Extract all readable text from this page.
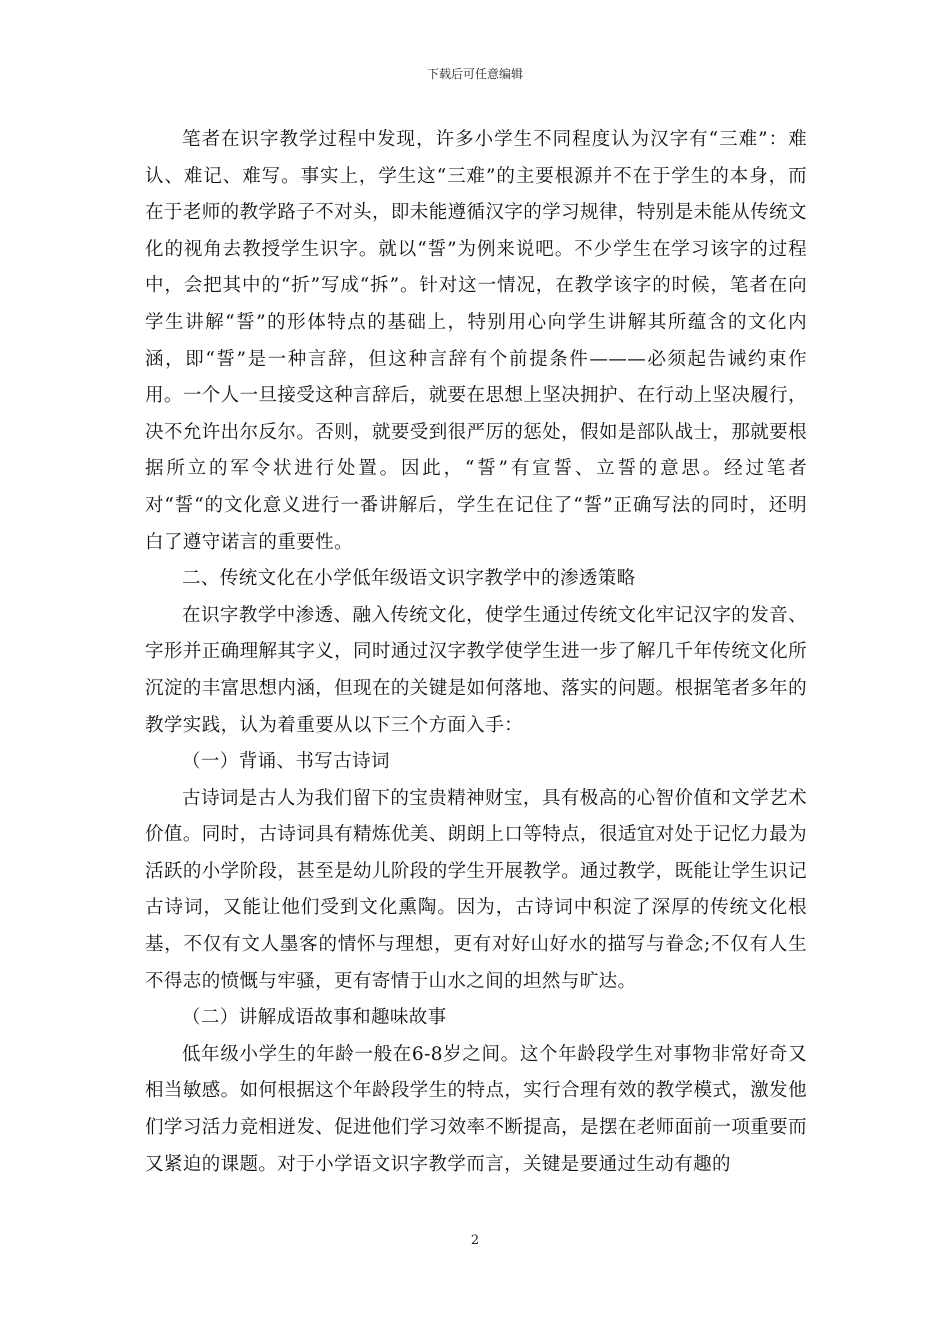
下载后可任意编辑

笔者在识字教学过程中发现，许多小学生不同程度认为汉字有“三难”：难认、难记、难写。事实上，学生这“三难”的主要根源并不在于学生的本身，而在于老师的教学路子不对头，即未能遵循汉字的学习规律，特别是未能从传统文化的视角去教授学生识字。就以“誓”为例来说吧。不少学生在学习该字的过程中，会把其中的“折”写成“拆”。针对这一情况，在教学该字的时候，笔者在向学生讲解“誓”的形体特点的基础上，特别用心向学生讲解其所蕴含的文化内涵，即“誓”是一种言辞，但这种言辞有个前提条件———必须起告诫约束作用。一个人一旦接受这种言辞后，就要在思想上坚决拥护、在行动上坚决履行，决不允许出尔反尔。否则，就要受到很严厉的惩处，假如是部队战士，那就要根据所立的军令状进行处置。因此，“誓”有宣誓、立誓的意思。经过笔者对“誓“的文化意义进行一番讲解后，学生在记住了“誓”正确写法的同时，还明白了遵守诺言的重要性。

二、传统文化在小学低年级语文识字教学中的渗透策略

在识字教学中渗透、融入传统文化，使学生通过传统文化牢记汉字的发音、字形并正确理解其字义，同时通过汉字教学使学生进一步了解几千年传统文化所沉淀的丰富思想内涵，但现在的关键是如何落地、落实的问题。根据笔者多年的教学实践，认为着重要从以下三个方面入手：

（一）背诵、书写古诗词

古诗词是古人为我们留下的宝贵精神财宝，具有极高的心智价值和文学艺术价值。同时，古诗词具有精炼优美、朗朗上口等特点，很适宜对处于记忆力最为活跃的小学阶段，甚至是幼儿阶段的学生开展教学。通过教学，既能让学生识记古诗词，又能让他们受到文化熏陶。因为，古诗词中积淀了深厚的传统文化根基，不仅有文人墨客的情怀与理想，更有对好山好水的描写与眷念;不仅有人生不得志的愤慨与牢骚，更有寄情于山水之间的坦然与旷达。

（二）讲解成语故事和趣味故事

低年级小学生的年龄一般在6-8岁之间。这个年龄段学生对事物非常好奇又相当敏感。如何根据这个年龄段学生的特点，实行合理有效的教学模式，激发他们学习活力竞相迸发、促进他们学习效率不断提高，是摆在老师面前一项重要而又紧迫的课题。对于小学语文识字教学而言，关键是要通过生动有趣的

2
